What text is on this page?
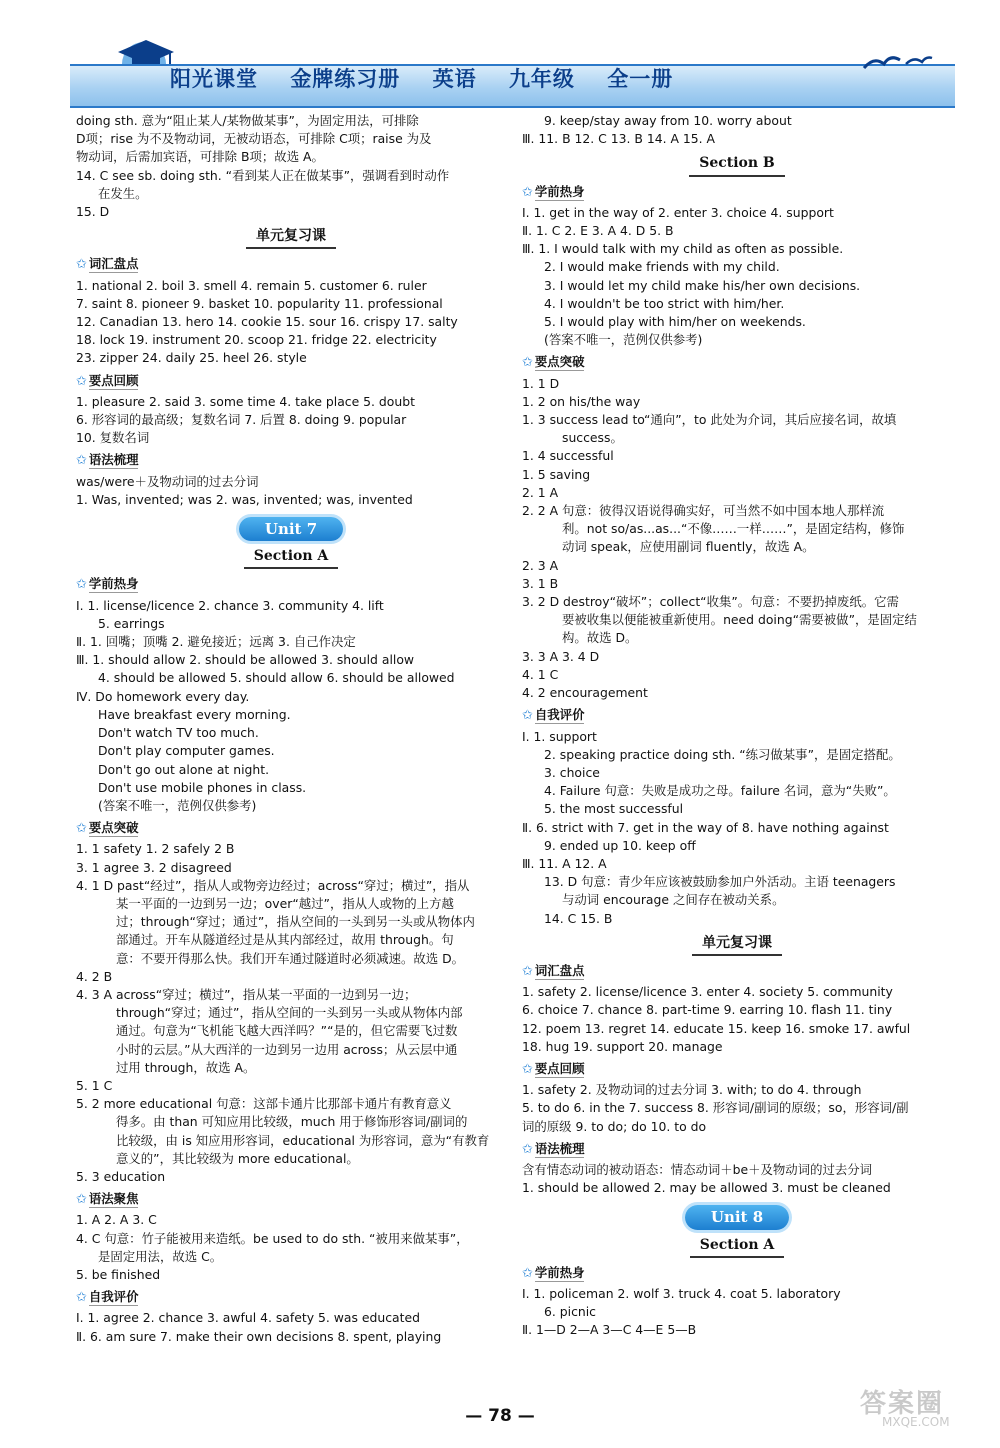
阳光课堂 金牌练习册 英语 九年级 全一册
doing sth. 意为“阻止某人/某物做某事”，为固定用法，可排除
D项；rise 为不及物动词，无被动语态，可排除 C项；raise 为及
物动词，后需加宾语，可排除 B项；故选 A。
14. C see sb. doing sth. “看到某人正在做某事”，强调看到时动作
在发生。
15. D
单元复习课
✩ 词汇盘点
1. national 2. boil 3. smell 4. remain 5. customer 6. ruler
7. saint 8. pioneer 9. basket 10. popularity 11. professional
12. Canadian 13. hero 14. cookie 15. sour 16. crispy 17. salty
18. lock 19. instrument 20. scoop 21. fridge 22. electricity
23. zipper 24. daily 25. heel 26. style
✩ 要点回顾
1. pleasure 2. said 3. some time 4. take place 5. doubt
6. 形容词的最高级；复数名词 7. 后置 8. doing 9. popular
10. 复数名词
✩ 语法梳理
was/were＋及物动词的过去分词
1. Was, invented; was 2. was, invented; was, invented
Unit 7
Section A
✩ 学前热身
Ⅰ. 1. license/licence 2. chance 3. community 4. lift
5. earrings
Ⅱ. 1. 回嘴；顶嘴 2. 避免接近；远离 3. 自己作决定
Ⅲ. 1. should allow 2. should be allowed 3. should allow
4. should be allowed 5. should allow 6. should be allowed
Ⅳ. Do homework every day.
Have breakfast every morning.
Don't watch TV too much.
Don't play computer games.
Don't go out alone at night.
Don't use mobile phones in class.
(答案不唯一，范例仅供参考)
✩ 要点突破
1. 1 safety 1. 2 safely 2 B
3. 1 agree 3. 2 disagreed
4. 1 D past“经过”，指从人或物旁边经过；across“穿过；横过”，指从
某一平面的一边到另一边；over“越过”，指从人或物的上方越
过；through“穿过；通过”，指从空间的一头到另一头或从物体内
部通过。开车从隧道经过是从其内部经过，故用 through。句
意：不要开得那么快。我们开车通过隧道时必须减速。故选 D。
4. 2 B
4. 3 A across“穿过；横过”，指从某一平面的一边到另一边；
through“穿过；通过”，指从空间的一头到另一头或从物体内部
通过。句意为“飞机能飞越大西洋吗？”“是的，但它需要飞过数
小时的云层。”从大西洋的一边到另一边用 across；从云层中通
过用 through，故选 A。
5. 1 C
5. 2 more educational 句意：这部卡通片比那部卡通片有教育意义
得多。由 than 可知应用比较级，much 用于修饰形容词/副词的
比较级，由 is 知应用形容词，educational 为形容词，意为“有教育
意义的”，其比较级为 more educational。
5. 3 education
✩ 语法聚焦
1. A 2. A 3. C
4. C 句意：竹子能被用来造纸。be used to do sth. “被用来做某事”，
是固定用法，故选 C。
5. be finished
✩ 自我评价
Ⅰ. 1. agree 2. chance 3. awful 4. safety 5. was educated
Ⅱ. 6. am sure 7. make their own decisions 8. spent, playing
9. keep/stay away from 10. worry about
Ⅲ. 11. B 12. C 13. B 14. A 15. A
Section B
✩ 学前热身
Ⅰ. 1. get in the way of 2. enter 3. choice 4. support
Ⅱ. 1. C 2. E 3. A 4. D 5. B
Ⅲ. 1. I would talk with my child as often as possible.
2. I would make friends with my child.
3. I would let my child make his/her own decisions.
4. I wouldn't be too strict with him/her.
5. I would play with him/her on weekends.
(答案不唯一，范例仅供参考)
✩ 要点突破
1. 1 D
1. 2 on his/the way
1. 3 success lead to“通向”，to 此处为介词，其后应接名词，故填
success。
1. 4 successful
1. 5 saving
2. 1 A
2. 2 A 句意：彼得汉语说得确实好，可当然不如中国本地人那样流
利。not so/as...as...“不像……一样……”，是固定结构，修饰
动词 speak，应使用副词 fluently，故选 A。
2. 3 A
3. 1 B
3. 2 D destroy“破坏”；collect“收集”。句意：不要扔掉废纸。它需
要被收集以便能被重新使用。need doing“需要被做”，是固定结
构。故选 D。
3. 3 A 3. 4 D
4. 1 C
4. 2 encouragement
✩ 自我评价
Ⅰ. 1. support
2. speaking practice doing sth. “练习做某事”，是固定搭配。
3. choice
4. Failure 句意：失败是成功之母。failure 名词，意为“失败”。
5. the most successful
Ⅱ. 6. strict with 7. get in the way of 8. have nothing against
9. ended up 10. keep off
Ⅲ. 11. A 12. A
13. D 句意：青少年应该被鼓励参加户外活动。主语 teenagers
与动词 encourage 之间存在被动关系。
14. C 15. B
单元复习课
✩ 词汇盘点
1. safety 2. license/licence 3. enter 4. society 5. community
6. choice 7. chance 8. part-time 9. earring 10. flash 11. tiny
12. poem 13. regret 14. educate 15. keep 16. smoke 17. awful
18. hug 19. support 20. manage
✩ 要点回顾
1. safety 2. 及物动词的过去分词 3. with; to do 4. through
5. to do 6. in the 7. success 8. 形容词/副词的原级；so，形容词/副
词的原级 9. to do; do 10. to do
✩ 语法梳理
含有情态动词的被动语态：情态动词＋be＋及物动词的过去分词
1. should be allowed 2. may be allowed 3. must be cleaned
Unit 8
Section A
✩ 学前热身
Ⅰ. 1. policeman 2. wolf 3. truck 4. coat 5. laboratory
6. picnic
Ⅱ. 1—D 2—A 3—C 4—E 5—B
— 78 —	答案圈
MXQE.COM
